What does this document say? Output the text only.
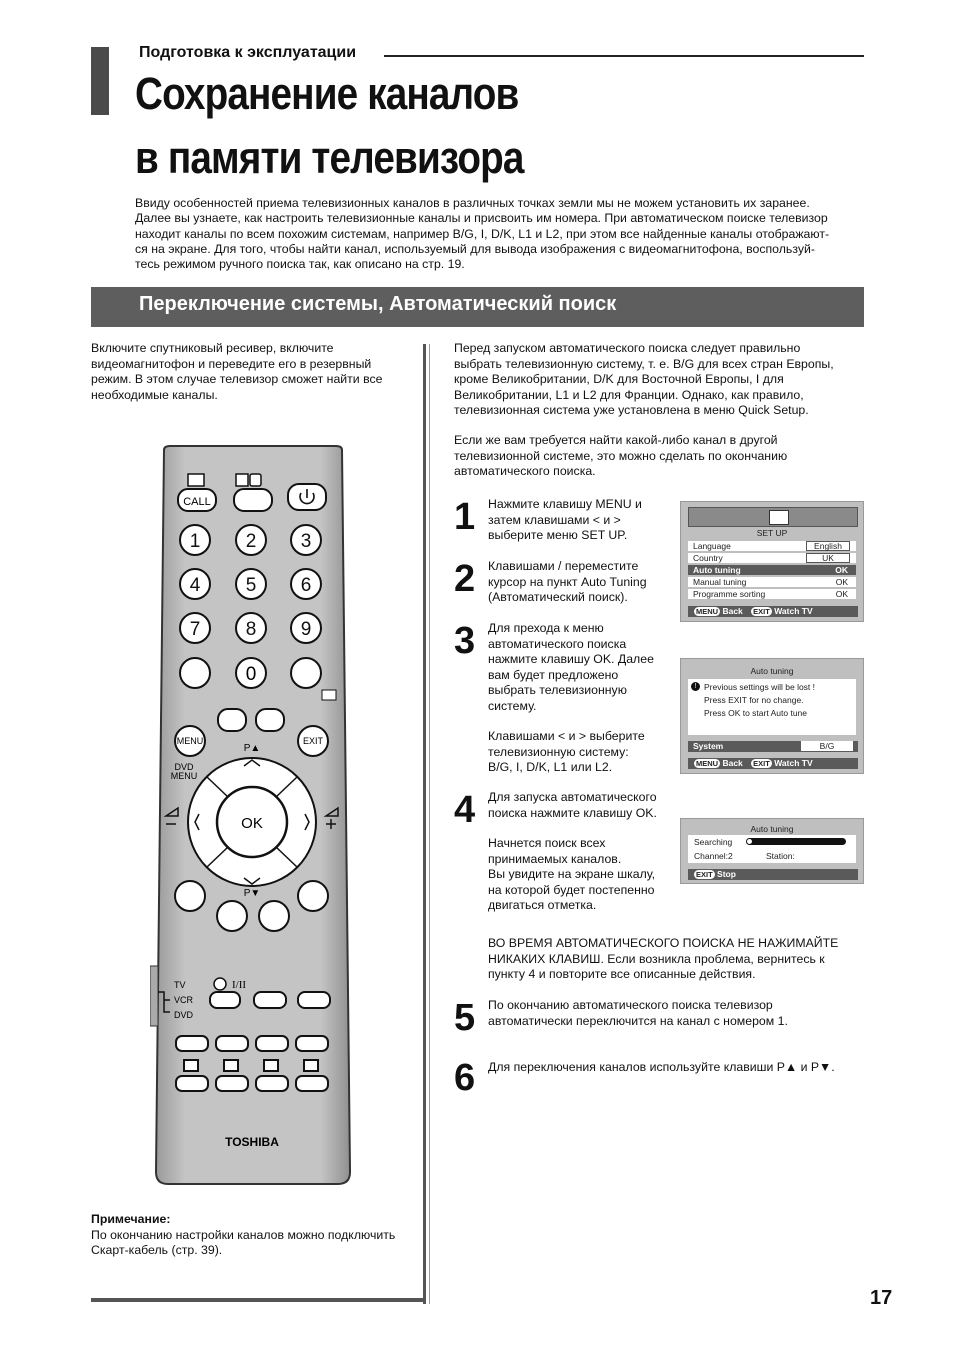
Подготовка к эксплуатации
Сохранение каналов
в памяти телевизора
Ввиду особенностей приема телевизионных каналов в различных точках земли мы не можем установить их заранее.
Далее вы узнаете, как настроить телевизионные каналы и присвоить им номера. При автоматическом поиске телевизор
находит каналы по всем похожим системам, например B/G, I, D/K, L1 и L2, при этом все найденные каналы отображают-
ся на экране. Для того, чтобы найти канал, используемый для вывода изображения с видеомагнитофона, воспользуй-
тесь режимом ручного поиска так, как описано на стр. 19.
Переключение системы, Автоматический поиск
Включите спутниковый ресивер, включите
видеомагнитофон и переведите его в резервный
режим. В этом случае телевизор сможет найти все
необходимые каналы.
CALL
1 2 3
4 5 6
7 8 9
0
MENU	EXIT
P▲
DVD
MENU
OK
P▼
TV
VCR
DVD
I/II
TOSHIBA
Примечание:
По окончанию настройки каналов можно подключить
Скарт-кабель (стр. 39).
Перед запуском автоматического поиска следует правильно
выбрать телевизионную систему, т. е. B/G для всех стран Европы,
кроме Великобритании, D/K для Восточной Европы, I для
Великобритании, L1 и L2 для Франции. Однако, как правило,
телевизионная система уже установлена в меню Quick Setup.
Если же вам требуется найти какой-либо канал в другой
телевизионной системе, это можно сделать по окончанию
автоматического поиска.
1 Нажмите клавишу MENU и
затем клавишами < и >
выберите меню SET UP.
2 Клавишами / переместите
курсор на пункт Auto Tuning
(Автоматический поиск).
3 Для прехода к меню
автоматического поиска
нажмите клавишу OK. Далее
вам будет предложено
выбрать телевизионную
систему.
Клавишами < и > выберите
телевизионную систему:
B/G, I, D/K, L1 или L2.
4 Для запуска автоматического
поиска нажмите клавишу OK.
Начнется поиск всех
принимаемых каналов.
Вы увидите на экране шкалу,
на которой будет постепенно
двигаться отметка.
ВО ВРЕМЯ АВТОМАТИЧЕСКОГО ПОИСКА НЕ НАЖИМАЙТЕ
НИКАКИХ КЛАВИШ. Если возникла проблема, вернитесь к
пункту 4 и повторите все описанные действия.
5 По окончанию автоматического поиска телевизор
автоматически переключится на канал с номером 1.
6 Для переключения каналов используйте клавиши P▲ и P▼.
SET UP
Language	English
Country	UK
Auto tuning	OK
Manual tuning	OK
Programme sorting	OK
MENU Back EXIT Watch TV
Auto tuning
! Previous settings will be lost !
Press EXIT for no change.
Press OK to start Auto tune
System	B/G
MENU Back EXIT Watch TV
Auto tuning
Searching
Channel:2	Station:
EXIT Stop
17
